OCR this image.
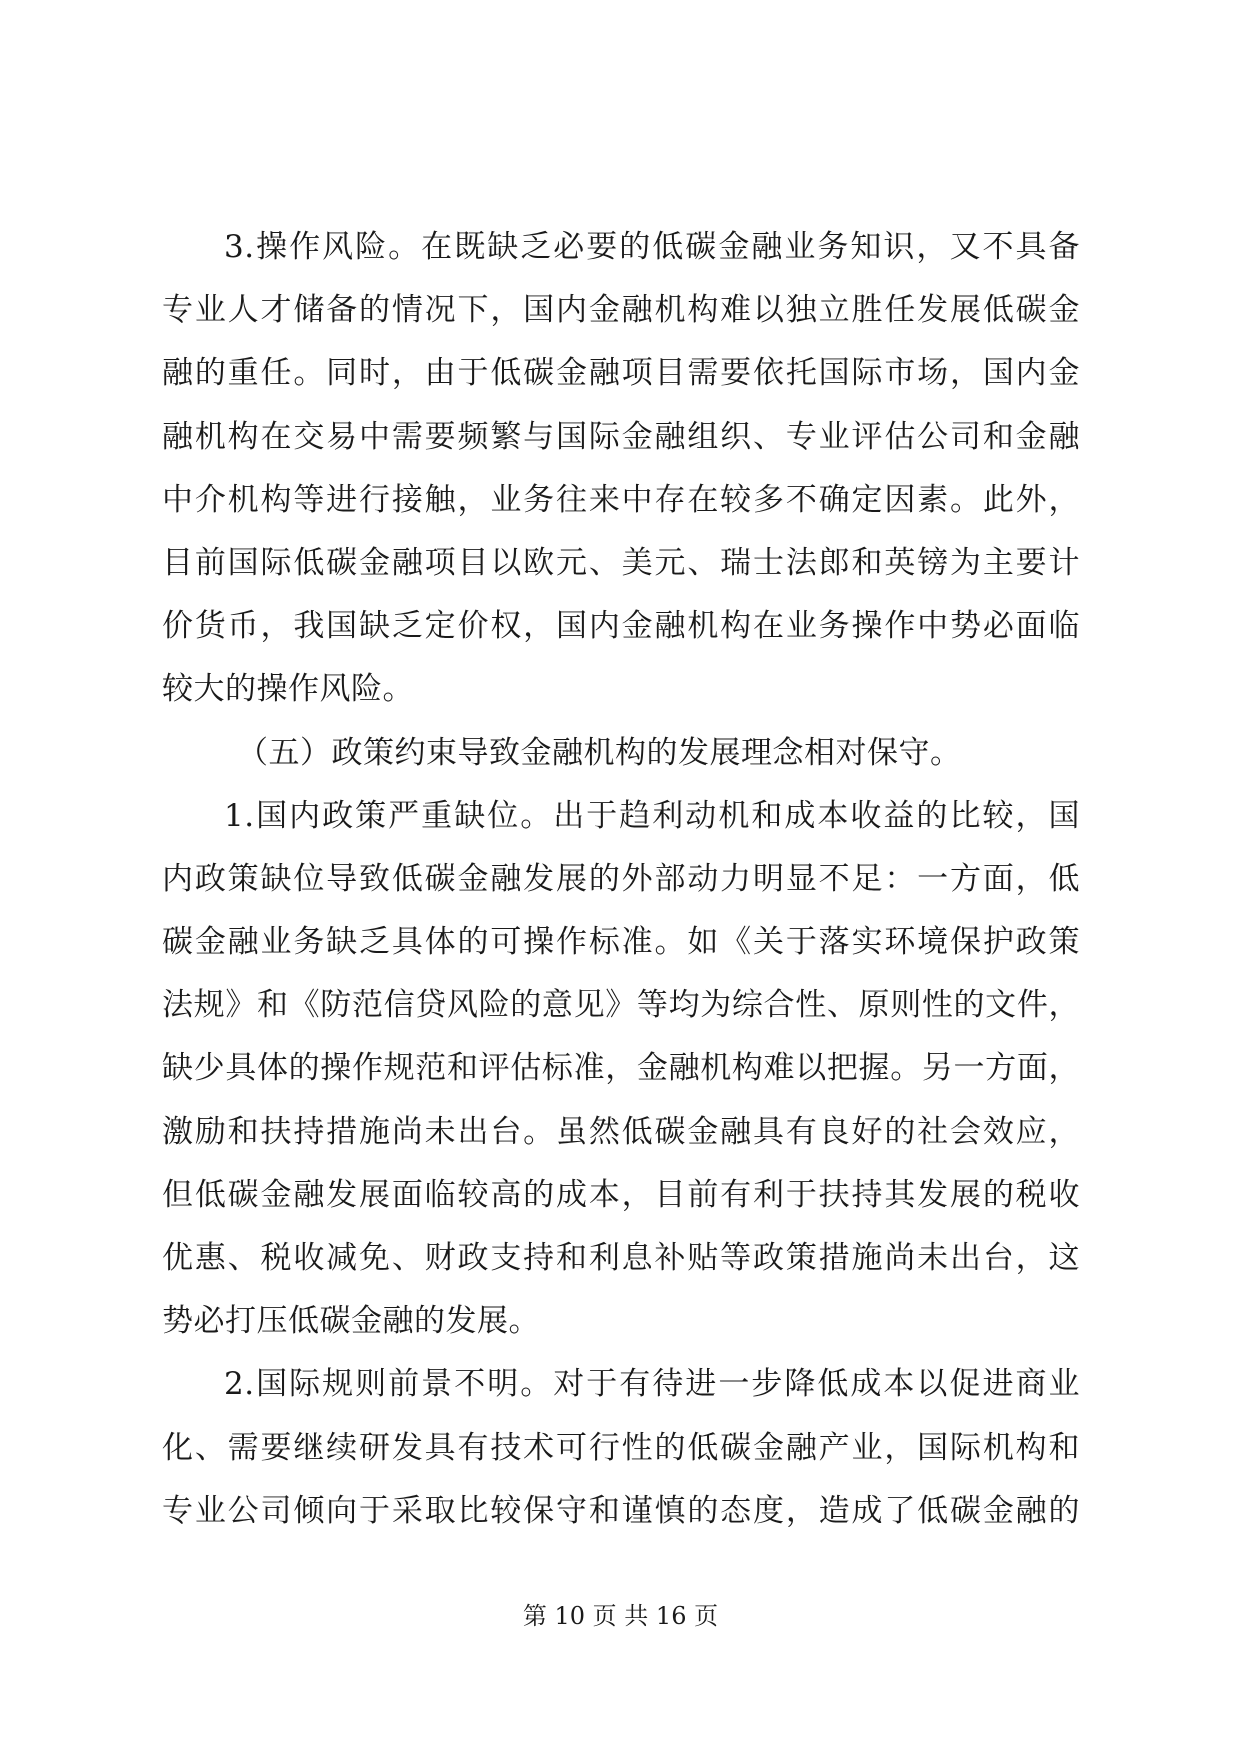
3.操作风险。在既缺乏必要的低碳金融业务知识，又不具备
专业人才储备的情况下，国内金融机构难以独立胜任发展低碳金
融的重任。同时，由于低碳金融项目需要依托国际市场，国内金
融机构在交易中需要频繁与国际金融组织、专业评估公司和金融
中介机构等进行接触，业务往来中存在较多不确定因素。此外，
目前国际低碳金融项目以欧元、美元、瑞士法郎和英镑为主要计
价货币，我国缺乏定价权，国内金融机构在业务操作中势必面临
较大的操作风险。
（五）政策约束导致金融机构的发展理念相对保守。
1.国内政策严重缺位。出于趋利动机和成本收益的比较，国
内政策缺位导致低碳金融发展的外部动力明显不足：一方面，低
碳金融业务缺乏具体的可操作标准。如《关于落实环境保护政策
法规》和《防范信贷风险的意见》等均为综合性、原则性的文件，
缺少具体的操作规范和评估标准，金融机构难以把握。另一方面，
激励和扶持措施尚未出台。虽然低碳金融具有良好的社会效应，
但低碳金融发展面临较高的成本，目前有利于扶持其发展的税收
优惠、税收减免、财政支持和利息补贴等政策措施尚未出台，这
势必打压低碳金融的发展。
2.国际规则前景不明。对于有待进一步降低成本以促进商业
化、需要继续研发具有技术可行性的低碳金融产业，国际机构和
专业公司倾向于采取比较保守和谨慎的态度，造成了低碳金融的
第 10 页 共 16 页
